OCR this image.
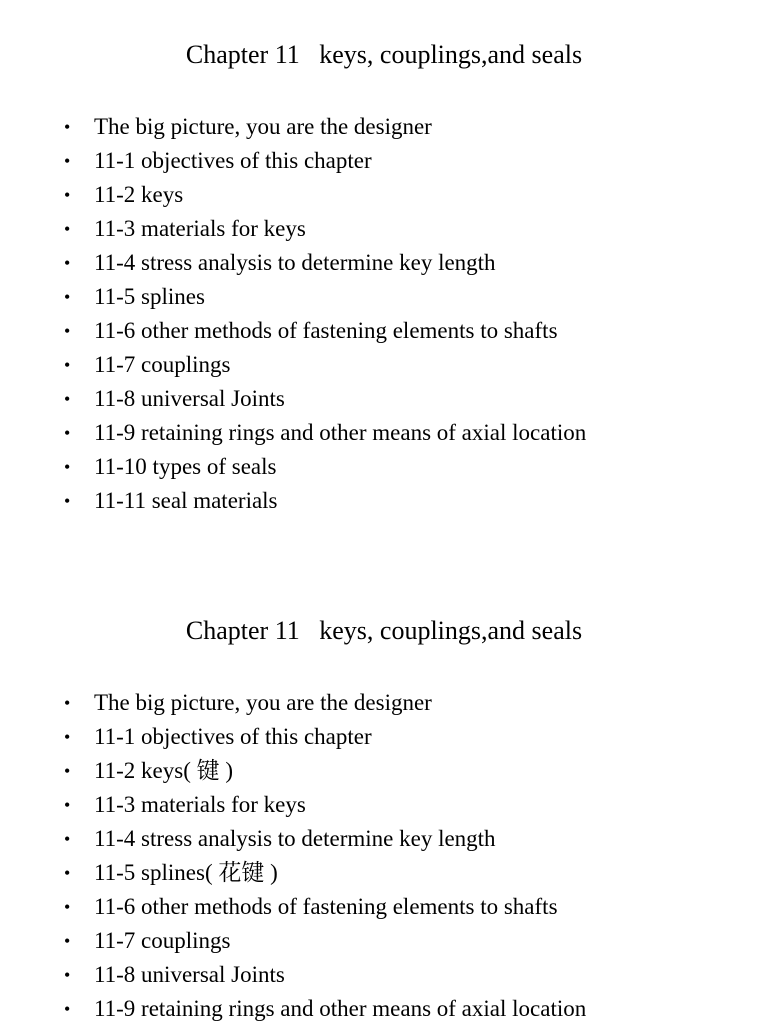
Chapter 11   keys, couplings,and seals
• The big picture, you are the designer
• 11-1 objectives of this chapter
• 11-2 keys
• 11-3 materials for keys
• 11-4 stress analysis to determine key length
• 11-5 splines
• 11-6 other methods of fastening elements to shafts
• 11-7 couplings
• 11-8 universal Joints
• 11-9 retaining rings and other means of axial location
• 11-10 types of seals
• 11-11 seal materials
Chapter 11   keys, couplings,and seals
• The big picture, you are the designer
• 11-1 objectives of this chapter
• 11-2 keys( 键 )
• 11-3 materials for keys
• 11-4 stress analysis to determine key length
• 11-5 splines( 花键 )
• 11-6 other methods of fastening elements to shafts
• 11-7 couplings
• 11-8 universal Joints
• 11-9 retaining rings and other means of axial location
